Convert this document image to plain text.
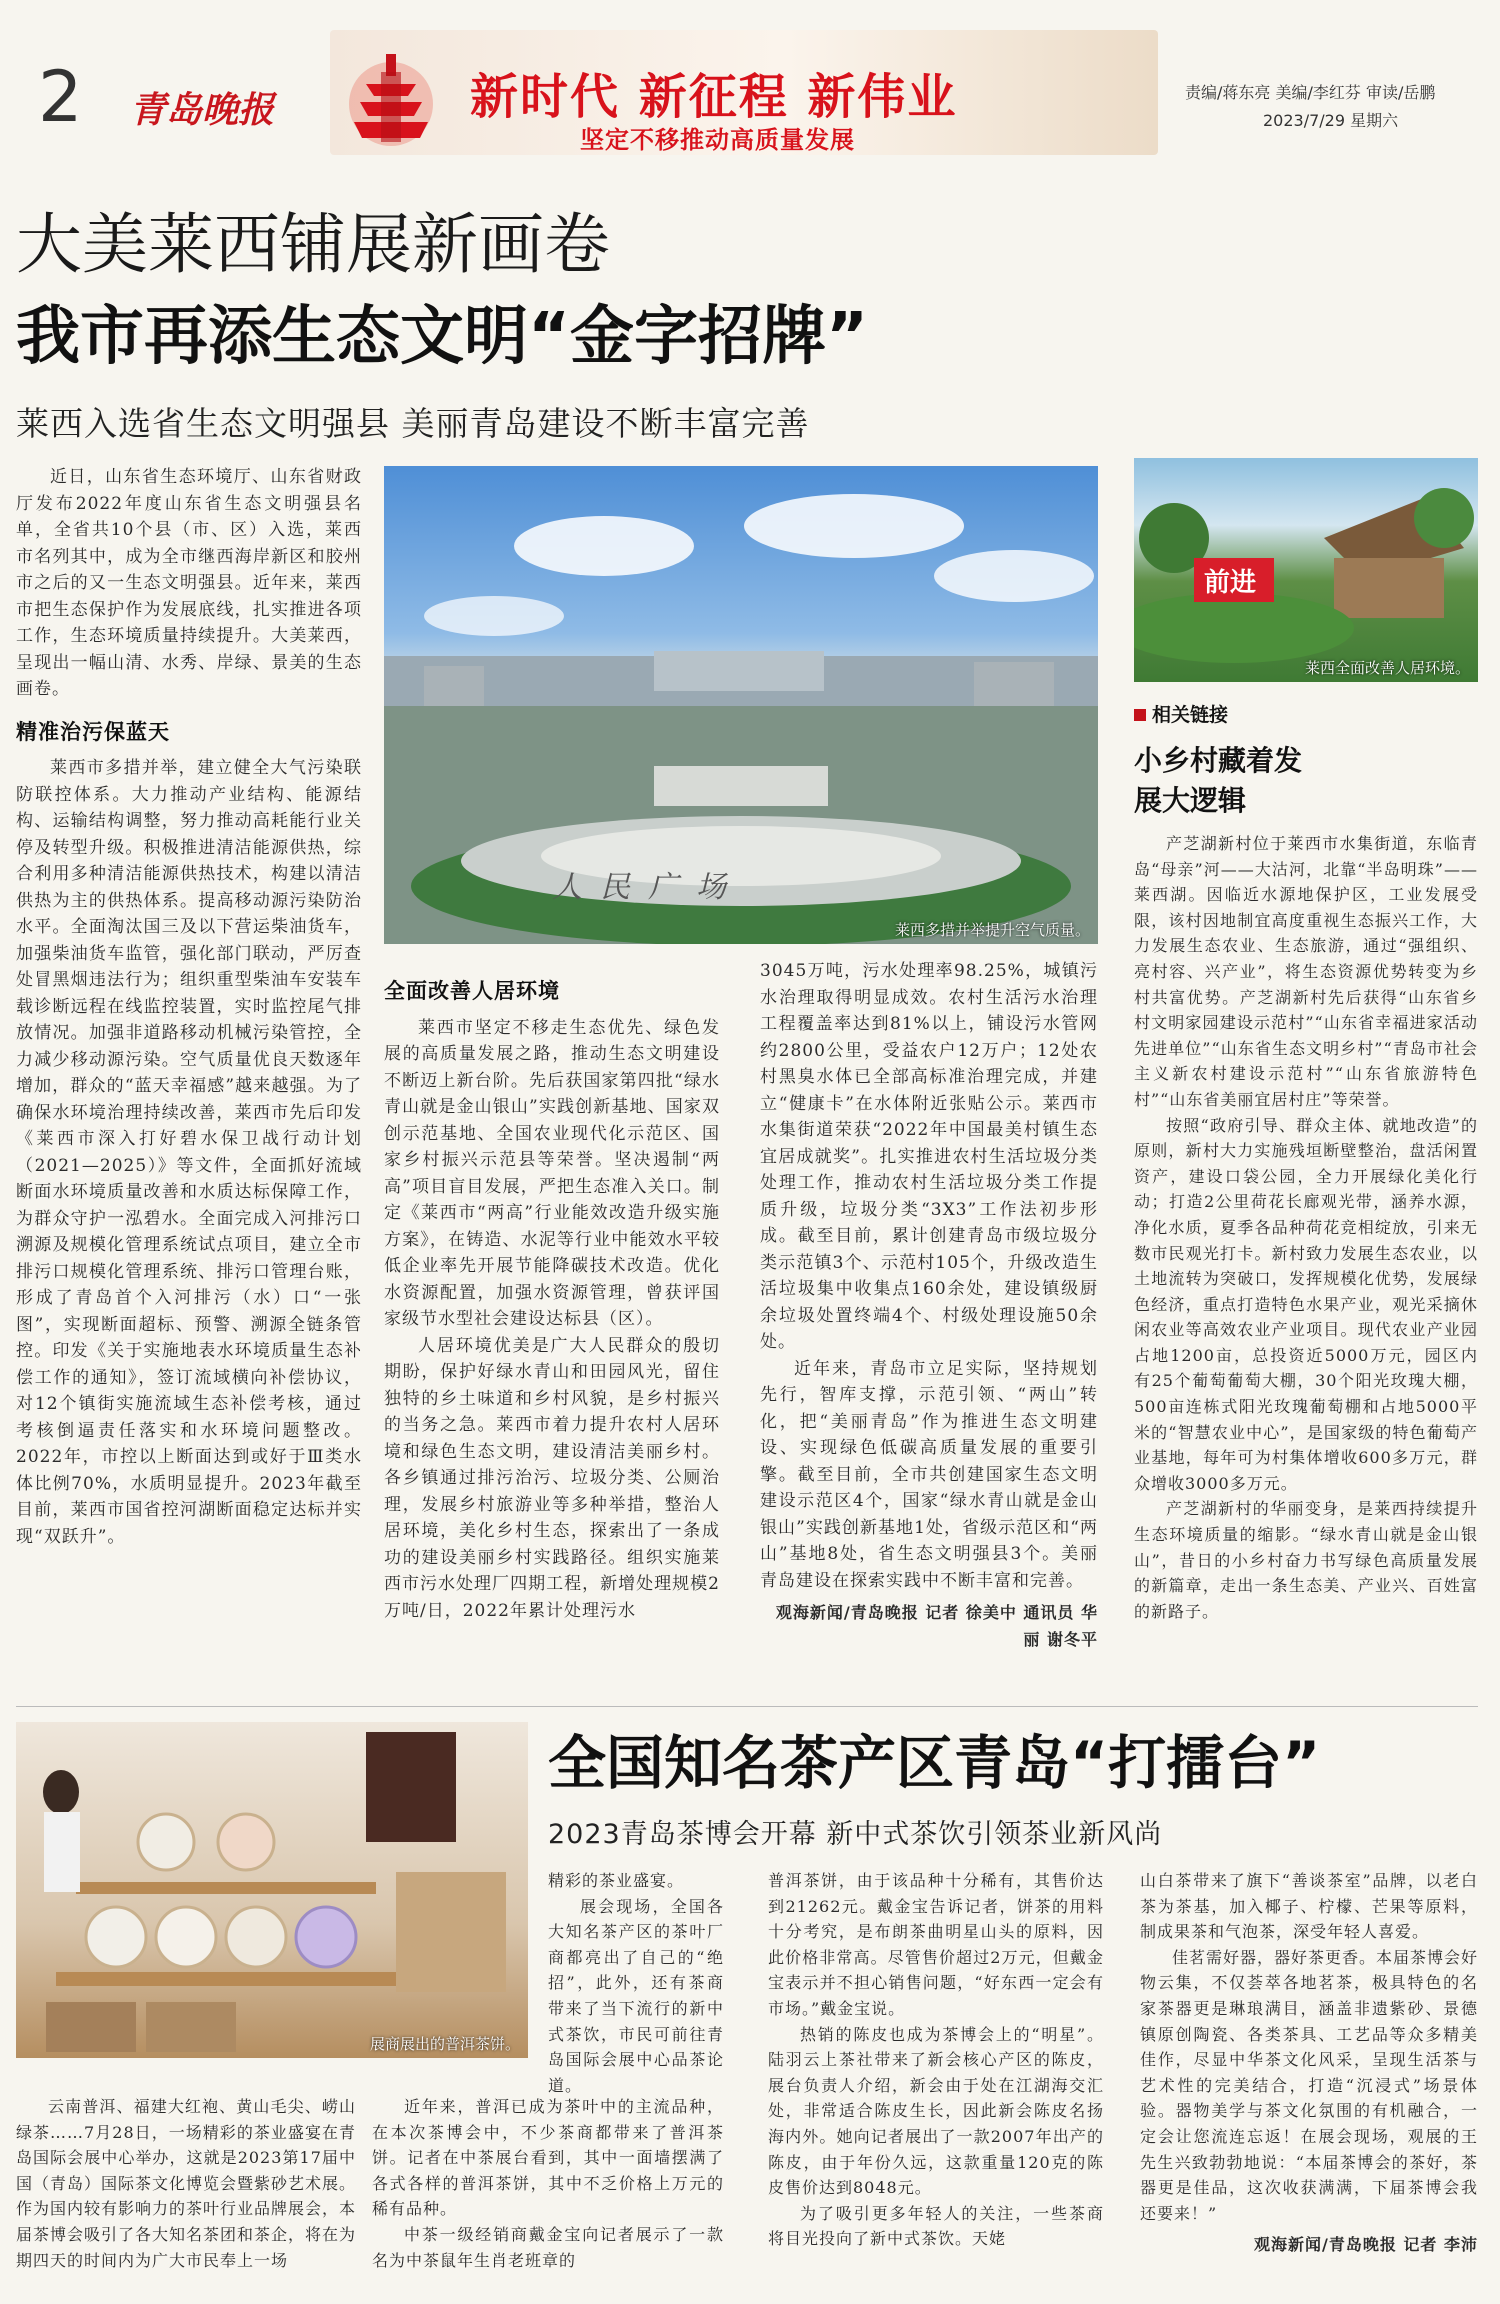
2 青岛晚报	新时代 新征程 新伟业
坚定不移推动高质量发展
责编/蒋东亮 美编/李红芬 审读/岳鹏
2023/7/29 星期六
大美莱西铺展新画卷
我市再添生态文明“金字招牌”
莱西入选省生态文明强县 美丽青岛建设不断丰富完善
人民广场
莱西多措并举提升空气质量。
前进
莱西全面改善人居环境。

近日，山东省生态环境厅、山东省财政厅发布2022年度山东省生态文明强县名单，全省共10个县（市、区）入选，莱西市名列其中，成为全市继西海岸新区和胶州市之后的又一生态文明强县。近年来，莱西市把生态保护作为发展底线，扎实推进各项工作，生态环境质量持续提升。大美莱西，呈现出一幅山清、水秀、岸绿、景美的生态画卷。

精准治污保蓝天

莱西市多措并举，建立健全大气污染联防联控体系。大力推动产业结构、能源结构、运输结构调整，努力推动高耗能行业关停及转型升级。积极推进清洁能源供热，综合利用多种清洁能源供热技术，构建以清洁供热为主的供热体系。提高移动源污染防治水平。全面淘汰国三及以下营运柴油货车，加强柴油货车监管，强化部门联动，严厉查处冒黑烟违法行为；组织重型柴油车安装车载诊断远程在线监控装置，实时监控尾气排放情况。加强非道路移动机械污染管控，全力减少移动源污染。空气质量优良天数逐年增加，群众的“蓝天幸福感”越来越强。为了确保水环境治理持续改善，莱西市先后印发《莱西市深入打好碧水保卫战行动计划（2021—2025）》等文件，全面抓好流域断面水环境质量改善和水质达标保障工作，为群众守护一泓碧水。全面完成入河排污口溯源及规模化管理系统试点项目，建立全市排污口规模化管理系统、排污口管理台账，形成了青岛首个入河排污（水）口“一张图”，实现断面超标、预警、溯源全链条管控。印发《关于实施地表水环境质量生态补偿工作的通知》，签订流域横向补偿协议，对12个镇街实施流域生态补偿考核，通过考核倒逼责任落实和水环境问题整改。2022年，市控以上断面达到或好于Ⅲ类水体比例70%，水质明显提升。2023年截至目前，莱西市国省控河湖断面稳定达标并实现“双跃升”。

全面改善人居环境

莱西市坚定不移走生态优先、绿色发展的高质量发展之路，推动生态文明建设不断迈上新台阶。先后获国家第四批“绿水青山就是金山银山”实践创新基地、国家双创示范基地、全国农业现代化示范区、国家乡村振兴示范县等荣誉。坚决遏制“两高”项目盲目发展，严把生态准入关口。制定《莱西市“两高”行业能效改造升级实施方案》，在铸造、水泥等行业中能效水平较低企业率先开展节能降碳技术改造。优化水资源配置，加强水资源管理，曾获评国家级节水型社会建设达标县（区）。

人居环境优美是广大人民群众的殷切期盼，保护好绿水青山和田园风光，留住独特的乡土味道和乡村风貌，是乡村振兴的当务之急。莱西市着力提升农村人居环境和绿色生态文明，建设清洁美丽乡村。各乡镇通过排污治污、垃圾分类、公厕治理，发展乡村旅游业等多种举措，整治人居环境，美化乡村生态，探索出了一条成功的建设美丽乡村实践路径。组织实施莱西市污水处理厂四期工程，新增处理规模2万吨/日，2022年累计处理污水

3045万吨，污水处理率98.25%，城镇污水治理取得明显成效。农村生活污水治理工程覆盖率达到81%以上，铺设污水管网约2800公里，受益农户12万户；12处农村黑臭水体已全部高标准治理完成，并建立“健康卡”在水体附近张贴公示。莱西市水集街道荣获“2022年中国最美村镇生态宜居成就奖”。扎实推进农村生活垃圾分类处理工作，推动农村生活垃圾分类工作提质升级，垃圾分类“3X3”工作法初步形成。截至目前，累计创建青岛市级垃圾分类示范镇3个、示范村105个，升级改造生活垃圾集中收集点160余处，建设镇级厨余垃圾处置终端4个、村级处理设施50余处。

近年来，青岛市立足实际，坚持规划先行，智库支撑，示范引领、“两山”转化，把“美丽青岛”作为推进生态文明建设、实现绿色低碳高质量发展的重要引擎。截至目前，全市共创建国家生态文明建设示范区4个，国家“绿水青山就是金山银山”实践创新基地1处，省级示范区和“两山”基地8处，省生态文明强县3个。美丽青岛建设在探索实践中不断丰富和完善。

观海新闻/青岛晚报 记者 徐美中 通讯员 华丽 谢冬平
相关链接
小乡村藏着发展大逻辑

产芝湖新村位于莱西市水集街道，东临青岛“母亲”河——大沽河，北靠“半岛明珠”——莱西湖。因临近水源地保护区，工业发展受限，该村因地制宜高度重视生态振兴工作，大力发展生态农业、生态旅游，通过“强组织、亮村容、兴产业”，将生态资源优势转变为乡村共富优势。产芝湖新村先后获得“山东省乡村文明家园建设示范村”“山东省幸福进家活动先进单位”“山东省生态文明乡村”“青岛市社会主义新农村建设示范村”“山东省旅游特色村”“山东省美丽宜居村庄”等荣誉。

按照“政府引导、群众主体、就地改造”的原则，新村大力实施残垣断壁整治，盘活闲置资产，建设口袋公园，全力开展绿化美化行动；打造2公里荷花长廊观光带，涵养水源，净化水质，夏季各品种荷花竞相绽放，引来无数市民观光打卡。新村致力发展生态农业，以土地流转为突破口，发挥规模化优势，发展绿色经济，重点打造特色水果产业，观光采摘休闲农业等高效农业产业项目。现代农业产业园占地1200亩，总投资近5000万元，园区内有25个葡萄葡萄大棚，30个阳光玫瑰大棚，500亩连栋式阳光玫瑰葡萄棚和占地5000平米的“智慧农业中心”，是国家级的特色葡萄产业基地，每年可为村集体增收600多万元，群众增收3000多万元。

产芝湖新村的华丽变身，是莱西持续提升生态环境质量的缩影。“绿水青山就是金山银山”，昔日的小乡村奋力书写绿色高质量发展的新篇章，走出一条生态美、产业兴、百姓富的新路子。

展商展出的普洱茶饼。
全国知名茶产区青岛“打擂台”
2023青岛茶博会开幕 新中式茶饮引领茶业新风尚

云南普洱、福建大红袍、黄山毛尖、崂山绿茶……7月28日，一场精彩的茶业盛宴在青岛国际会展中心举办，这就是2023第17届中国（青岛）国际茶文化博览会暨紫砂艺术展。作为国内较有影响力的茶叶行业品牌展会，本届茶博会吸引了各大知名茶团和茶企，将在为期四天的时间内为广大市民奉上一场

精彩的茶业盛宴。

展会现场，全国各大知名茶产区的茶叶厂商都亮出了自己的“绝招”，此外，还有茶商带来了当下流行的新中式茶饮，市民可前往青岛国际会展中心品茶论道。

近年来，普洱已成为茶叶中的主流品种，在本次茶博会中，不少茶商都带来了普洱茶饼。记者在中茶展台看到，其中一面墙摆满了各式各样的普洱茶饼，其中不乏价格上万元的稀有品种。

中茶一级经销商戴金宝向记者展示了一款名为中茶鼠年生肖老班章的

普洱茶饼，由于该品种十分稀有，其售价达到21262元。戴金宝告诉记者，饼茶的用料十分考究，是布朗茶曲明星山头的原料，因此价格非常高。尽管售价超过2万元，但戴金宝表示并不担心销售问题，“好东西一定会有市场。”戴金宝说。

热销的陈皮也成为茶博会上的“明星”。陆羽云上茶社带来了新会核心产区的陈皮，展台负责人介绍，新会由于处在江湖海交汇处，非常适合陈皮生长，因此新会陈皮名扬海内外。她向记者展出了一款2007年出产的陈皮，由于年份久远，这款重量120克的陈皮售价达到8048元。

为了吸引更多年轻人的关注，一些茶商将目光投向了新中式茶饮。天姥

山白茶带来了旗下“善谈茶室”品牌，以老白茶为茶基，加入椰子、柠檬、芒果等原料，制成果茶和气泡茶，深受年轻人喜爱。

佳茗需好器，器好茶更香。本届茶博会好物云集，不仅荟萃各地茗茶，极具特色的名家茶器更是琳琅满目，涵盖非遗紫砂、景德镇原创陶瓷、各类茶具、工艺品等众多精美佳作，尽显中华茶文化风采，呈现生活茶与艺术性的完美结合，打造“沉浸式”场景体验。器物美学与茶文化氛围的有机融合，一定会让您流连忘返！在展会现场，观展的王先生兴致勃勃地说：“本届茶博会的茶好，茶器更是佳品，这次收获满满，下届茶博会我还要来！”

观海新闻/青岛晚报 记者 李沛
